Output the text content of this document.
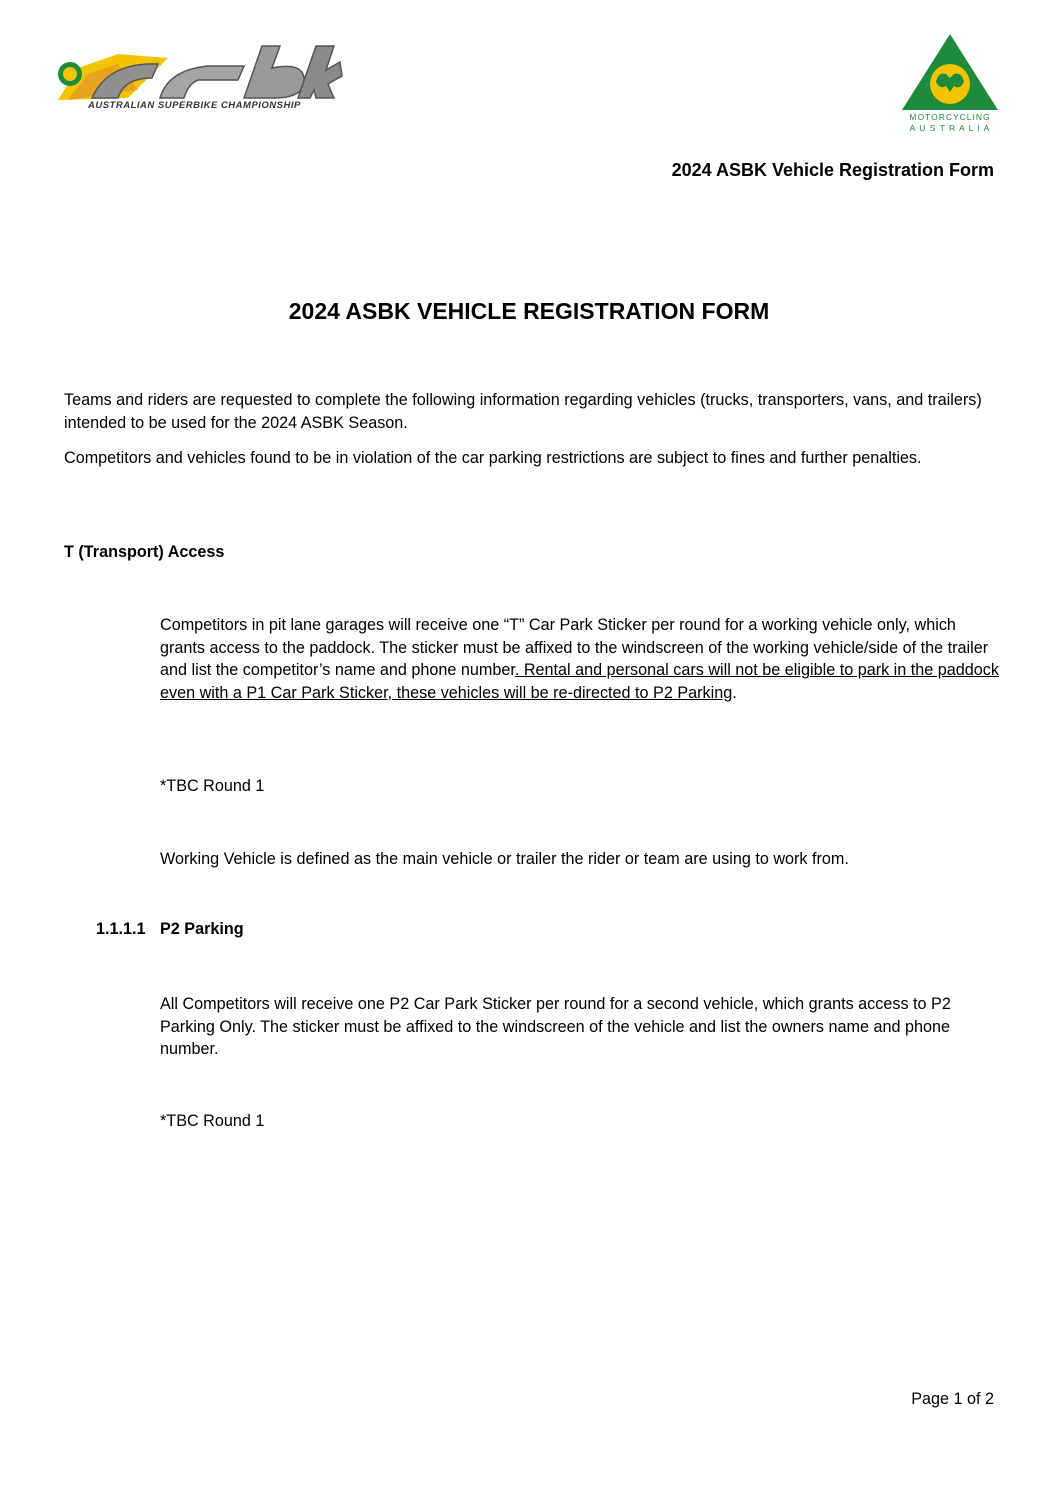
AUSTRALIAN SUPERBIKE CHAMPIONSHIP
MOTORCYCLING
A U S T R A L I A
2024 ASBK Vehicle Registration Form
2024 ASBK VEHICLE REGISTRATION FORM
Teams and riders are requested to complete the following information regarding vehicles (trucks, transporters, vans, and trailers) intended to be used for the 2024 ASBK Season.
Competitors and vehicles found to be in violation of the car parking restrictions are subject to fines and further penalties.
T (Transport) Access
Competitors in pit lane garages will receive one “T” Car Park Sticker per round for a working vehicle only, which grants access to the paddock. The sticker must be affixed to the windscreen of the working vehicle/side of the trailer and list the competitor’s name and phone number. Rental and personal cars will not be eligible to park in the paddock even with a P1 Car Park Sticker, these vehicles will be re-directed to P2 Parking.
*TBC Round 1
Working Vehicle is defined as the main vehicle or trailer the rider or team are using to work from.
1.1.1.1 P2 Parking
All Competitors will receive one P2 Car Park Sticker per round for a second vehicle, which grants access to P2 Parking Only. The sticker must be affixed to the windscreen of the vehicle and list the owners name and phone number.
*TBC Round 1
Page 1 of 2
